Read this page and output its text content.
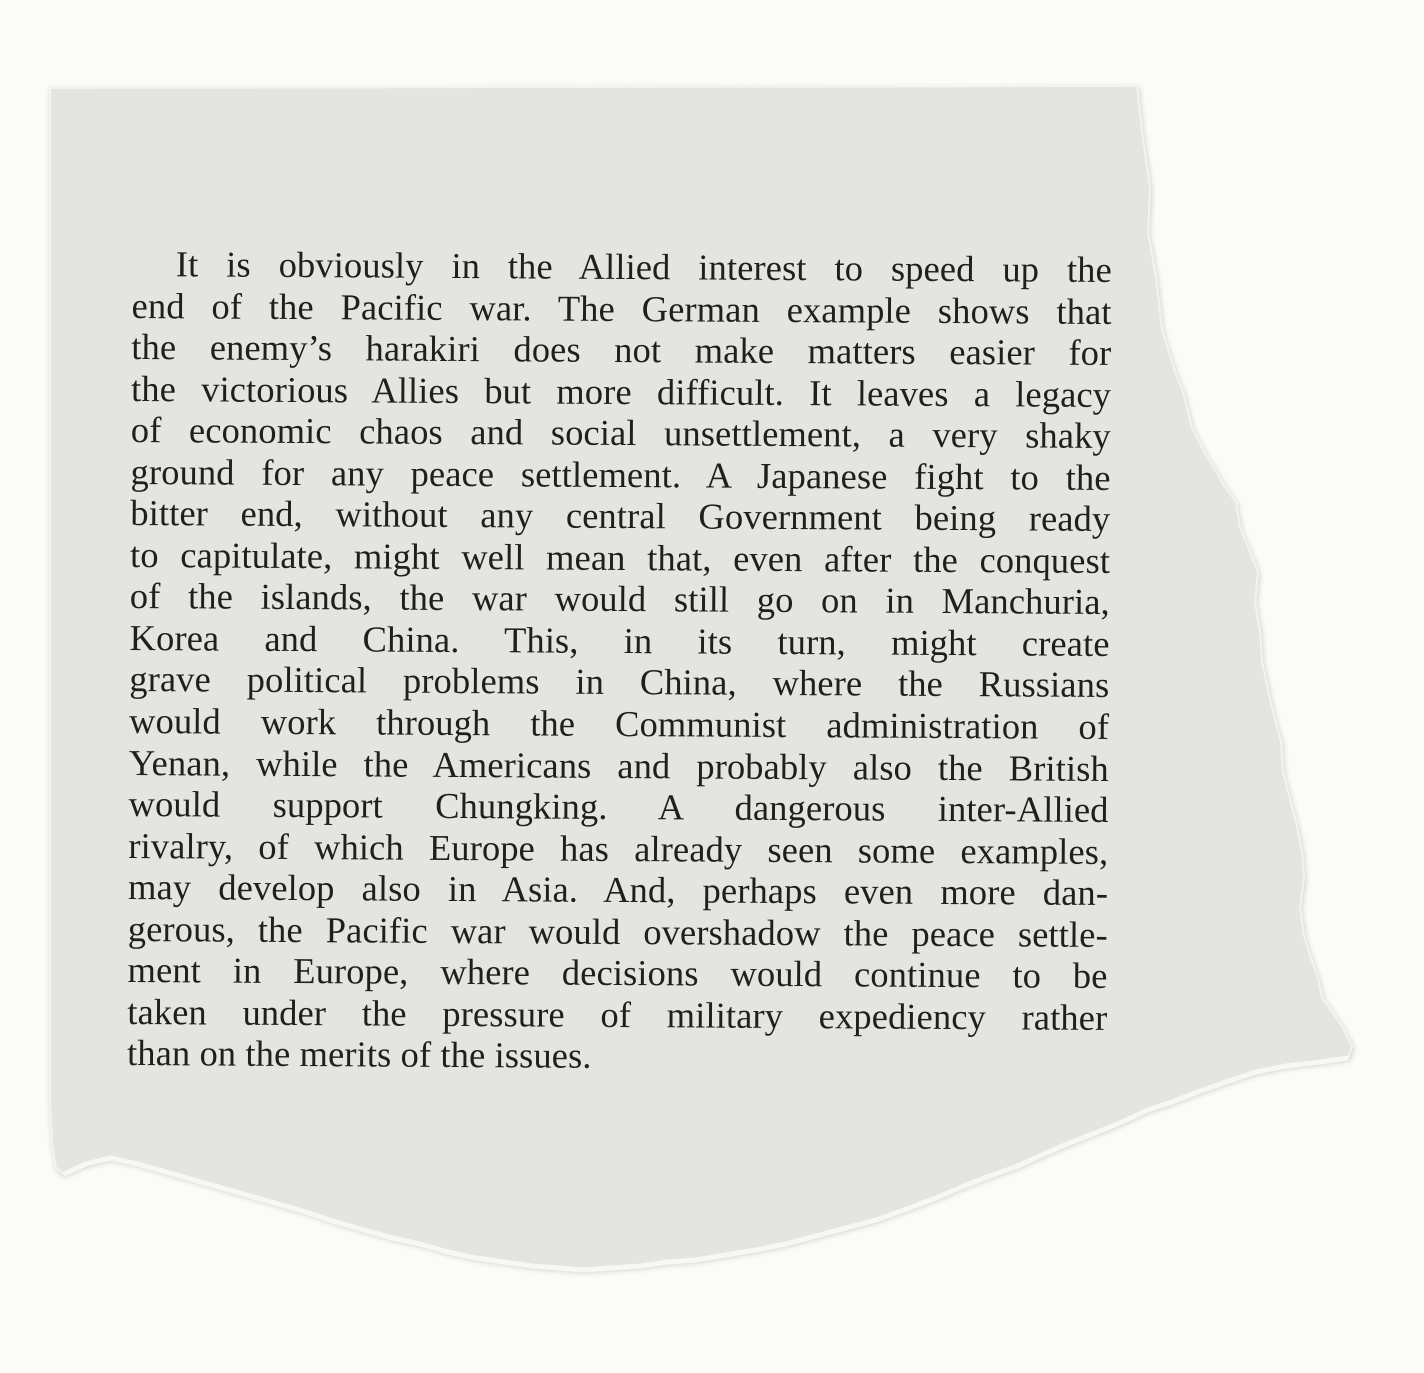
It is obviously in the Allied interest to speed up the
end of the Pacific war. The German example shows that
the enemy’s harakiri does not make matters easier for
the victorious Allies but more difficult. It leaves a legacy
of economic chaos and social unsettlement, a very shaky
ground for any peace settlement. A Japanese fight to the
bitter end, without any central Government being ready
to capitulate, might well mean that, even after the conquest
of the islands, the war would still go on in Manchuria,
Korea and China. This, in its turn, might create
grave political problems in China, where the Russians
would work through the Communist administration of
Yenan, while the Americans and probably also the British
would support Chungking. A dangerous inter-Allied
rivalry, of which Europe has already seen some examples,
may develop also in Asia. And, perhaps even more dan-
gerous, the Pacific war would overshadow the peace settle-
ment in Europe, where decisions would continue to be
taken under the pressure of military expediency rather
than on the merits of the issues.
